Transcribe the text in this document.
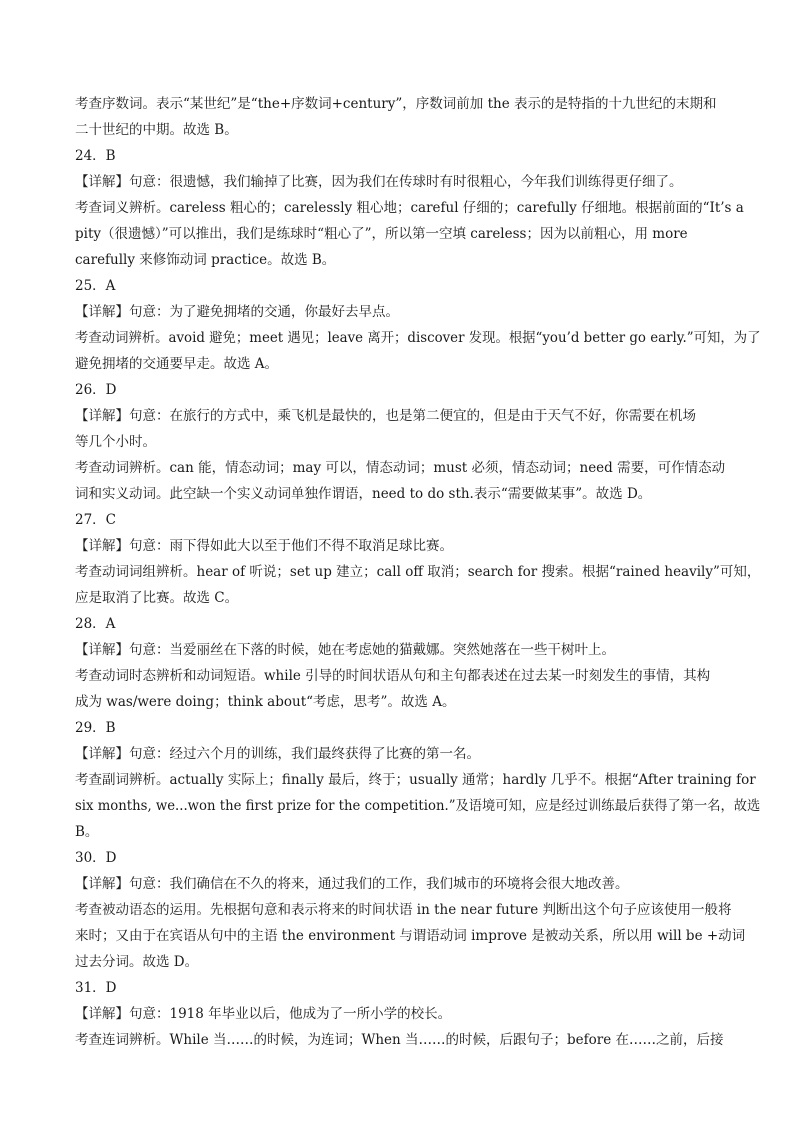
考查序数词。表示“某世纪”是“the+序数词+century”，序数词前加 the 表示的是特指的十九世纪的末期和
二十世纪的中期。故选 B。
24．B
【详解】句意：很遗憾，我们输掉了比赛，因为我们在传球时有时很粗心，今年我们训练得更仔细了。
考查词义辨析。careless 粗心的；carelessly 粗心地；careful 仔细的；carefully 仔细地。根据前面的“It’s a
pity（很遗憾）”可以推出，我们是练球时“粗心了”，所以第一空填 careless；因为以前粗心，用 more
carefully 来修饰动词 practice。故选 B。
25．A
【详解】句意：为了避免拥堵的交通，你最好去早点。
考查动词辨析。avoid 避免；meet 遇见；leave 离开；discover 发现。根据“you’d better go early.”可知，为了
避免拥堵的交通要早走。故选 A。
26．D
【详解】句意：在旅行的方式中，乘飞机是最快的，也是第二便宜的，但是由于天气不好，你需要在机场
等几个小时。
考查动词辨析。can 能，情态动词；may 可以，情态动词；must 必须，情态动词；need 需要，可作情态动
词和实义动词。此空缺一个实义动词单独作谓语，need to do sth.表示“需要做某事”。故选 D。
27．C
【详解】句意：雨下得如此大以至于他们不得不取消足球比赛。
考查动词词组辨析。hear of 听说；set up 建立；call off 取消；search for 搜索。根据“rained heavily”可知，
应是取消了比赛。故选 C。
28．A
【详解】句意：当爱丽丝在下落的时候，她在考虑她的猫戴娜。突然她落在一些干树叶上。
考查动词时态辨析和动词短语。while 引导的时间状语从句和主句都表述在过去某一时刻发生的事情，其构
成为 was/were doing；think about“考虑，思考”。故选 A。
29．B
【详解】句意：经过六个月的训练，我们最终获得了比赛的第一名。
考查副词辨析。actually 实际上；finally 最后，终于；usually 通常；hardly 几乎不。根据“After training for
six months, we...won the first prize for the competition.”及语境可知，应是经过训练最后获得了第一名，故选
B。
30．D
【详解】句意：我们确信在不久的将来，通过我们的工作，我们城市的环境将会很大地改善。
考查被动语态的运用。先根据句意和表示将来的时间状语 in the near future 判断出这个句子应该使用一般将
来时；又由于在宾语从句中的主语 the environment 与谓语动词 improve 是被动关系，所以用 will be +动词
过去分词。故选 D。
31．D
【详解】句意：1918 年毕业以后，他成为了一所小学的校长。
考查连词辨析。While 当……的时候，为连词；When 当……的时候，后跟句子；before 在……之前，后接
